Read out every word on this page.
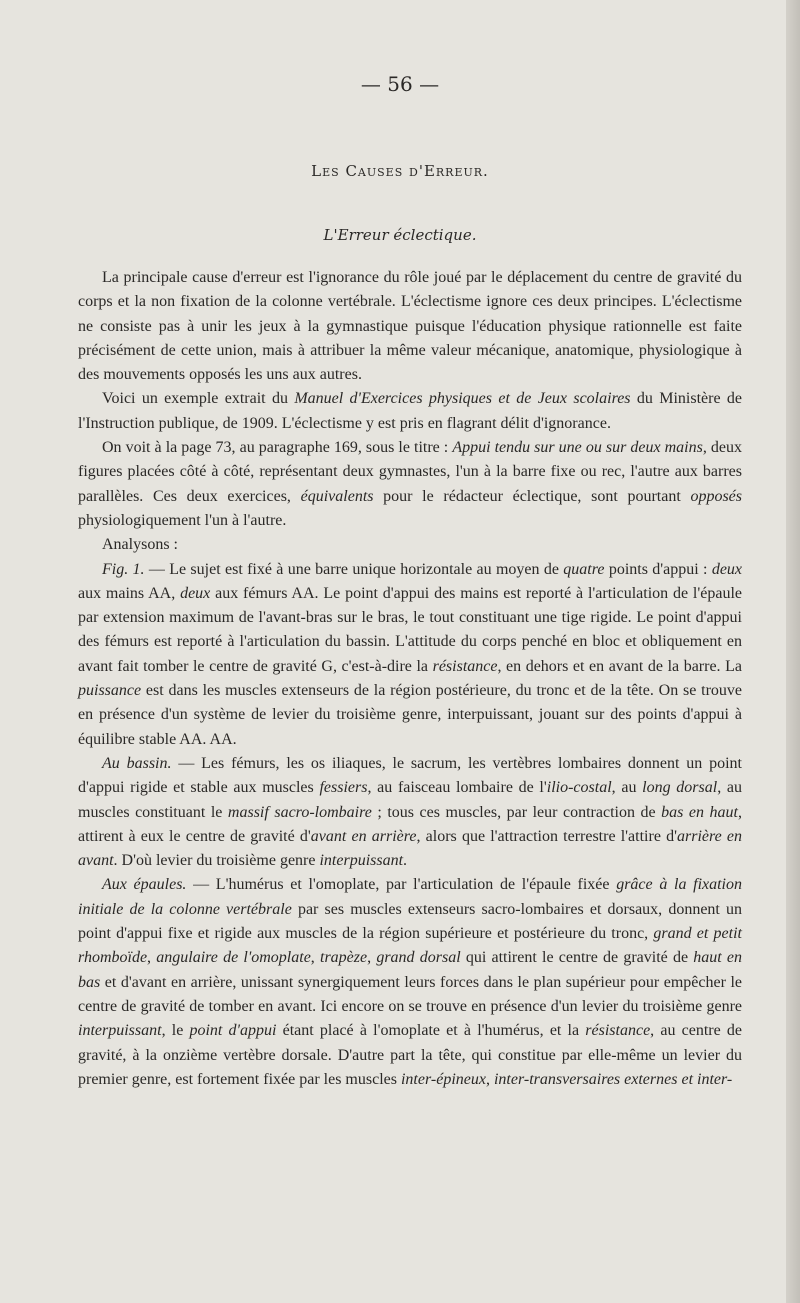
— 56 —
Les Causes d'Erreur.
L'Erreur éclectique.

La principale cause d'erreur est l'ignorance du rôle joué par le déplacement du centre de gravité du corps et la non fixation de la colonne vertébrale. L'éclectisme ignore ces deux principes. L'éclectisme ne consiste pas à unir les jeux à la gymnastique puisque l'éducation physique rationnelle est faite précisément de cette union, mais à attribuer la même valeur mécanique, anatomique, physiologique à des mouvements opposés les uns aux autres.

Voici un exemple extrait du Manuel d'Exercices physiques et de Jeux scolaires du Ministère de l'Instruction publique, de 1909. L'éclectisme y est pris en flagrant délit d'ignorance.

On voit à la page 73, au paragraphe 169, sous le titre : Appui tendu sur une ou sur deux mains, deux figures placées côté à côté, représentant deux gymnastes, l'un à la barre fixe ou rec, l'autre aux barres parallèles. Ces deux exercices, équivalents pour le rédacteur éclectique, sont pourtant opposés physiologiquement l'un à l'autre.

Analysons :

Fig. 1. — Le sujet est fixé à une barre unique horizontale au moyen de quatre points d'appui : deux aux mains AA, deux aux fémurs AA. Le point d'appui des mains est reporté à l'articulation de l'épaule par extension maximum de l'avant-bras sur le bras, le tout constituant une tige rigide. Le point d'appui des fémurs est reporté à l'articulation du bassin. L'attitude du corps penché en bloc et obliquement en avant fait tomber le centre de gravité G, c'est-à-dire la résistance, en dehors et en avant de la barre. La puissance est dans les muscles extenseurs de la région postérieure, du tronc et de la tête. On se trouve en présence d'un système de levier du troisième genre, interpuissant, jouant sur des points d'appui à équilibre stable AA. AA.

Au bassin. — Les fémurs, les os iliaques, le sacrum, les vertèbres lombaires donnent un point d'appui rigide et stable aux muscles fessiers, au faisceau lombaire de l'ilio-costal, au long dorsal, au muscles constituant le massif sacro-lombaire ; tous ces muscles, par leur contraction de bas en haut, attirent à eux le centre de gravité d'avant en arrière, alors que l'attraction terrestre l'attire d'arrière en avant. D'où levier du troisième genre interpuissant.

Aux épaules. — L'humérus et l'omoplate, par l'articulation de l'épaule fixée grâce à la fixation initiale de la colonne vertébrale par ses muscles extenseurs sacro-lombaires et dorsaux, donnent un point d'appui fixe et rigide aux muscles de la région supérieure et postérieure du tronc, grand et petit rhomboïde, angulaire de l'omoplate, trapèze, grand dorsal qui attirent le centre de gravité de haut en bas et d'avant en arrière, unissant synergiquement leurs forces dans le plan supérieur pour empêcher le centre de gravité de tomber en avant. Ici encore on se trouve en présence d'un levier du troisième genre interpuissant, le point d'appui étant placé à l'omoplate et à l'humérus, et la résistance, au centre de gravité, à la onzième vertèbre dorsale. D'autre part la tête, qui constitue par elle-même un levier du premier genre, est fortement fixée par les muscles inter-épineux, inter-transversaires externes et inter-
